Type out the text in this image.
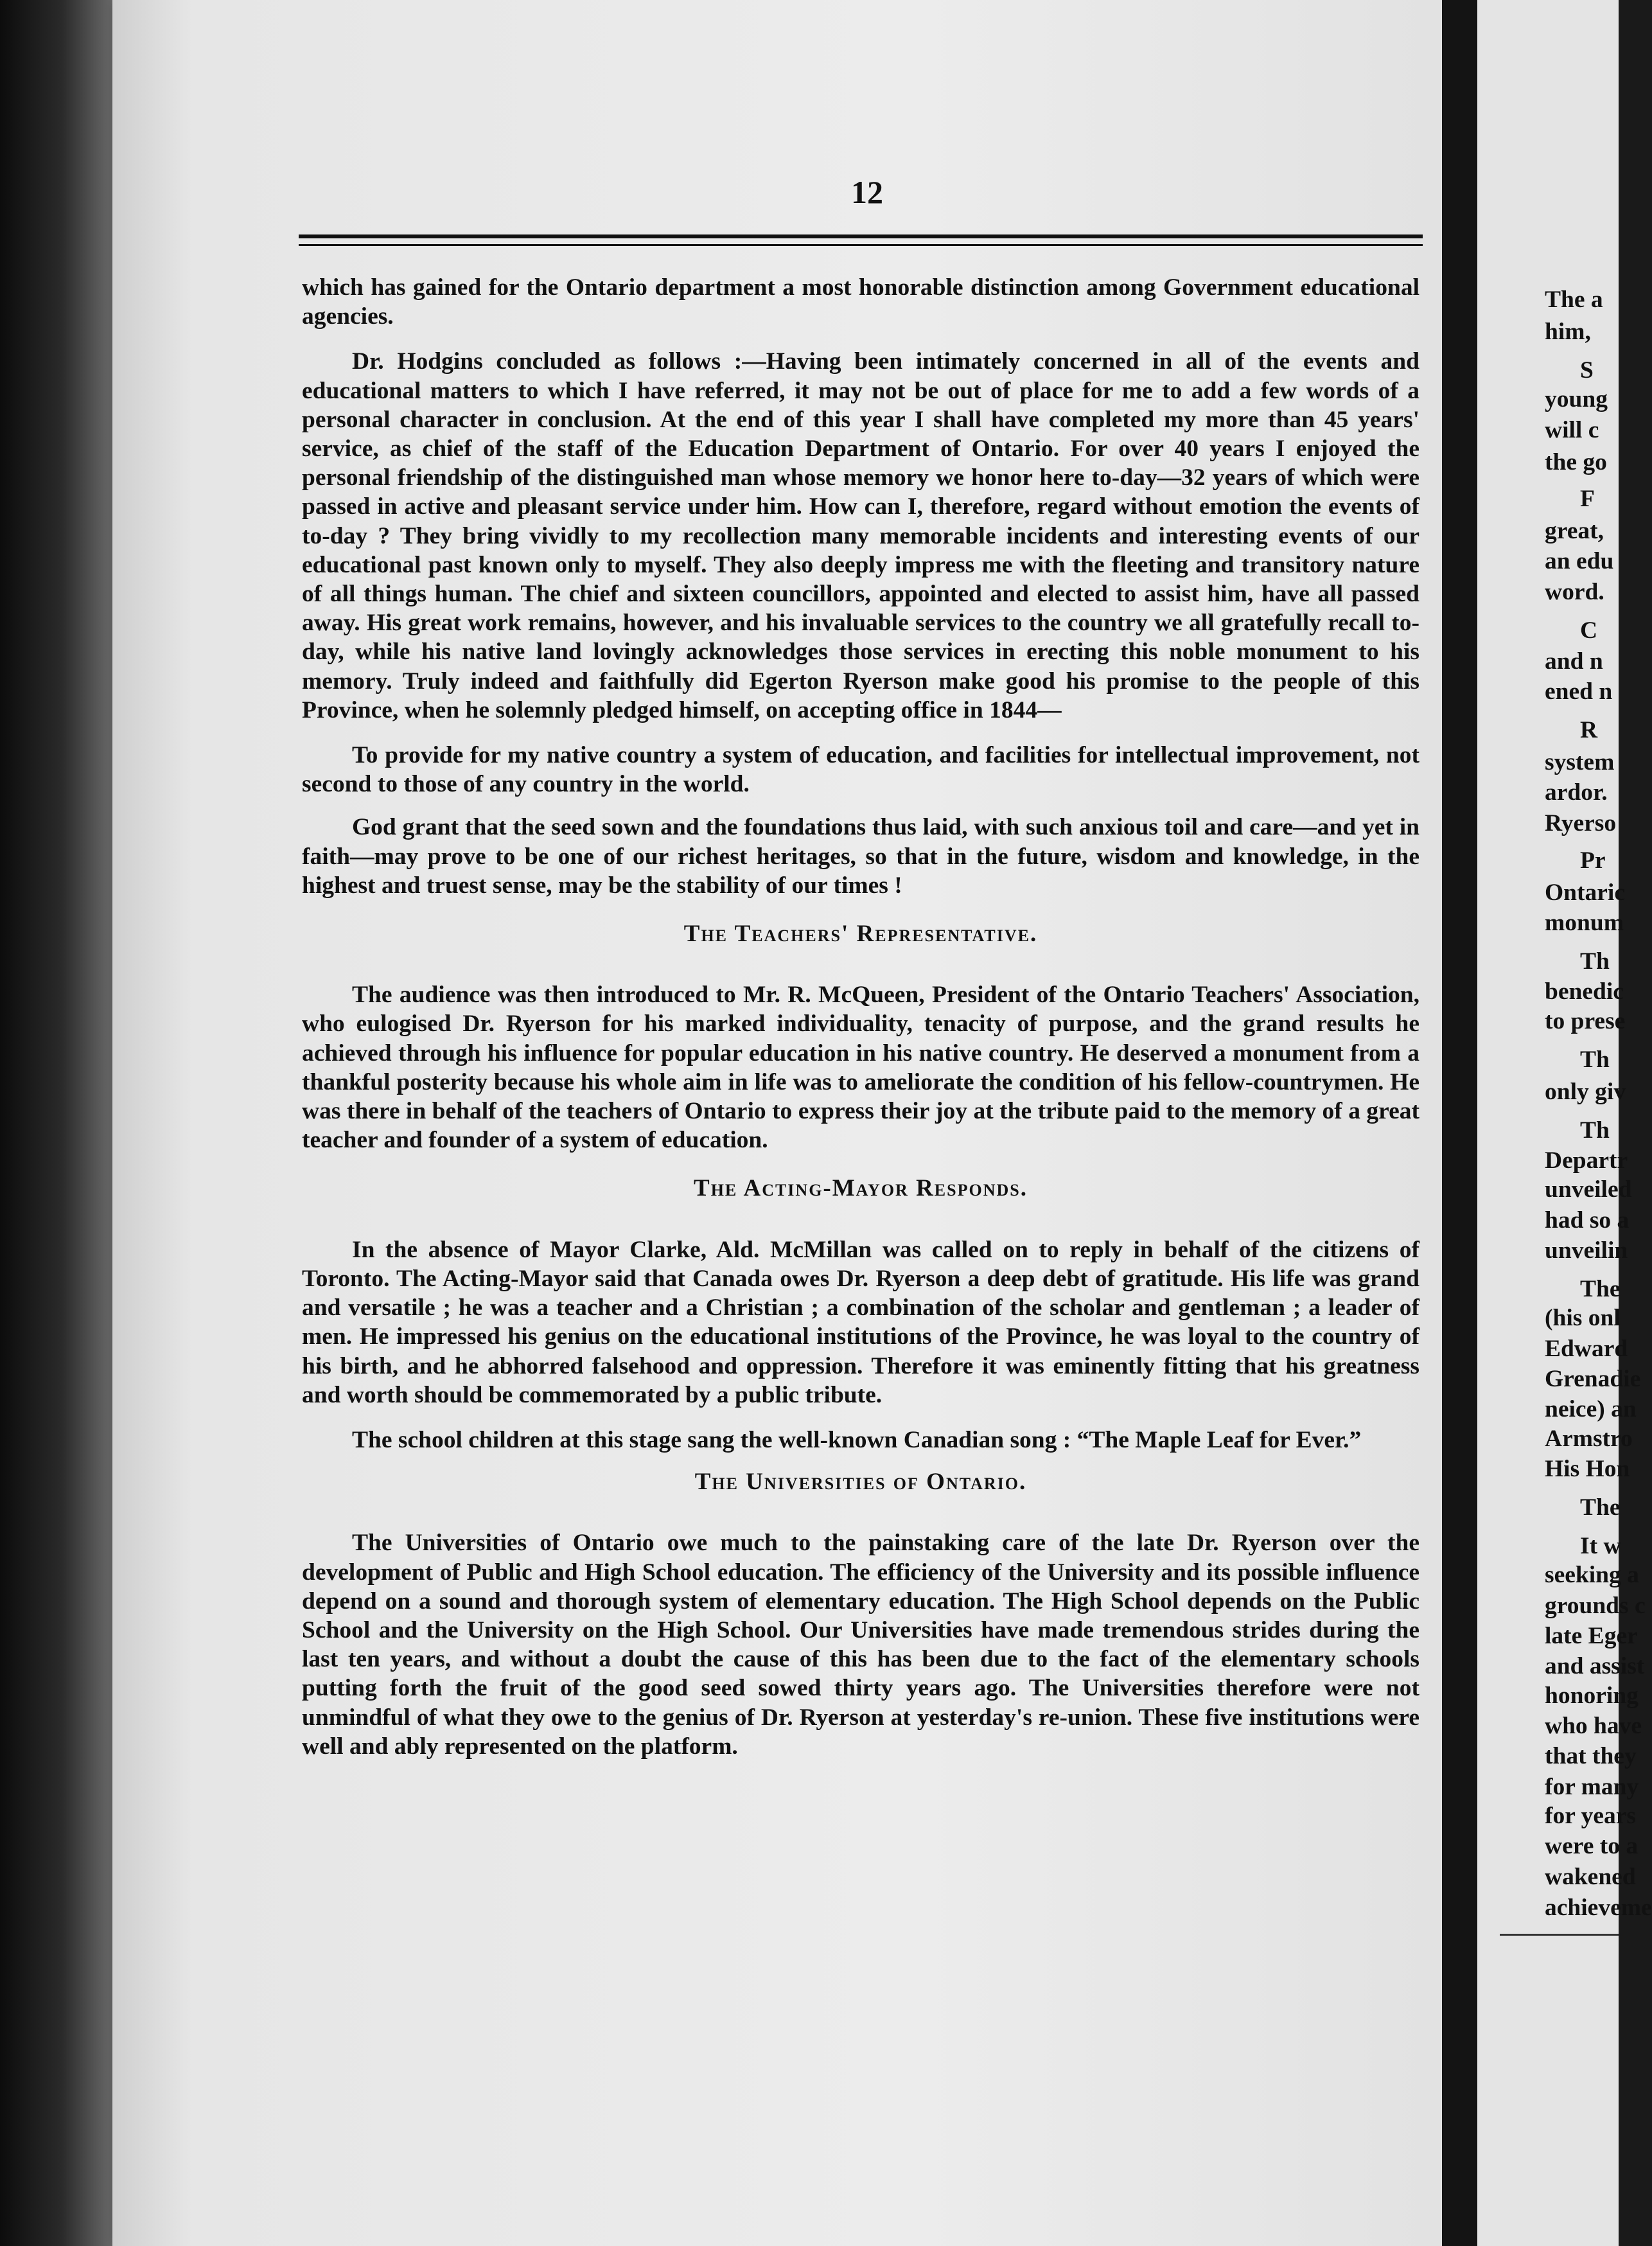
12

which has gained for the Ontario department a most honorable distinction among Government educational agencies.

Dr. Hodgins concluded as follows :—Having been intimately concerned in all of the events and educational matters to which I have referred, it may not be out of place for me to add a few words of a personal character in conclusion. At the end of this year I shall have completed my more than 45 years' service, as chief of the staff of the Education Department of Ontario. For over 40 years I enjoyed the personal friendship of the distinguished man whose memory we honor here to-day—32 years of which were passed in active and pleasant service under him. How can I, therefore, regard without emotion the events of to-day ? They bring vividly to my recollection many memorable incidents and interesting events of our educational past known only to myself. They also deeply impress me with the fleeting and transitory nature of all things human. The chief and sixteen councillors, appointed and elected to assist him, have all passed away. His great work remains, however, and his invaluable services to the country we all gratefully recall to-day, while his native land lovingly acknowledges those services in erecting this noble monument to his memory. Truly indeed and faithfully did Egerton Ryerson make good his promise to the people of this Province, when he solemnly pledged himself, on accepting office in 1844—

To provide for my native country a system of education, and facilities for intellectual improvement, not second to those of any country in the world.

God grant that the seed sown and the foundations thus laid, with such anxious toil and care—and yet in faith—may prove to be one of our richest heritages, so that in the future, wisdom and knowledge, in the highest and truest sense, may be the stability of our times !

The Teachers' Representative.

The audience was then introduced to Mr. R. McQueen, President of the Ontario Teachers' Association, who eulogised Dr. Ryerson for his marked individuality, tenacity of purpose, and the grand results he achieved through his influence for popular education in his native country. He deserved a monument from a thankful posterity because his whole aim in life was to ameliorate the condition of his fellow-countrymen. He was there in behalf of the teachers of Ontario to express their joy at the tribute paid to the memory of a great teacher and founder of a system of education.

The Acting-Mayor Responds.

In the absence of Mayor Clarke, Ald. McMillan was called on to reply in behalf of the citizens of Toronto. The Acting-Mayor said that Canada owes Dr. Ryerson a deep debt of gratitude. His life was grand and versatile ; he was a teacher and a Christian ; a combination of the scholar and gentleman ; a leader of men. He impressed his genius on the educational institutions of the Province, he was loyal to the country of his birth, and he abhorred falsehood and oppression. Therefore it was eminently fitting that his greatness and worth should be commemorated by a public tribute.

The school children at this stage sang the well-known Canadian song : “The Maple Leaf for Ever.”

The Universities of Ontario.

The Universities of Ontario owe much to the painstaking care of the late Dr. Ryerson over the development of Public and High School education. The efficiency of the University and its possible influence depend on a sound and thorough system of elementary education. The High School depends on the Public School and the University on the High School. Our Universities have made tremendous strides during the last ten years, and without a doubt the cause of this has been due to the fact of the elementary schools putting forth the fruit of the good seed sowed thirty years ago. The Universities therefore were not unmindful of what they owe to the genius of Dr. Ryerson at yesterday's re-union. These five institutions were well and ably represented on the platform.

The a
him,
S
young
will c
the go
F
great,
an edu
word.
C
and n
ened n
R
system
ardor.
Ryerso
Pr
Ontaric
monum
Th
benedic
to prese
Th
only giv
Th
Departr
unveiled
had so a
unveilin
The
(his onl
Edward
Grenadie
neice) an
Armstro
His Hon
The
It w
seeking a
grounds c
late Eger
and assist
honoring
who have
that they
for many
for years
were to a
wakened
achieveme
